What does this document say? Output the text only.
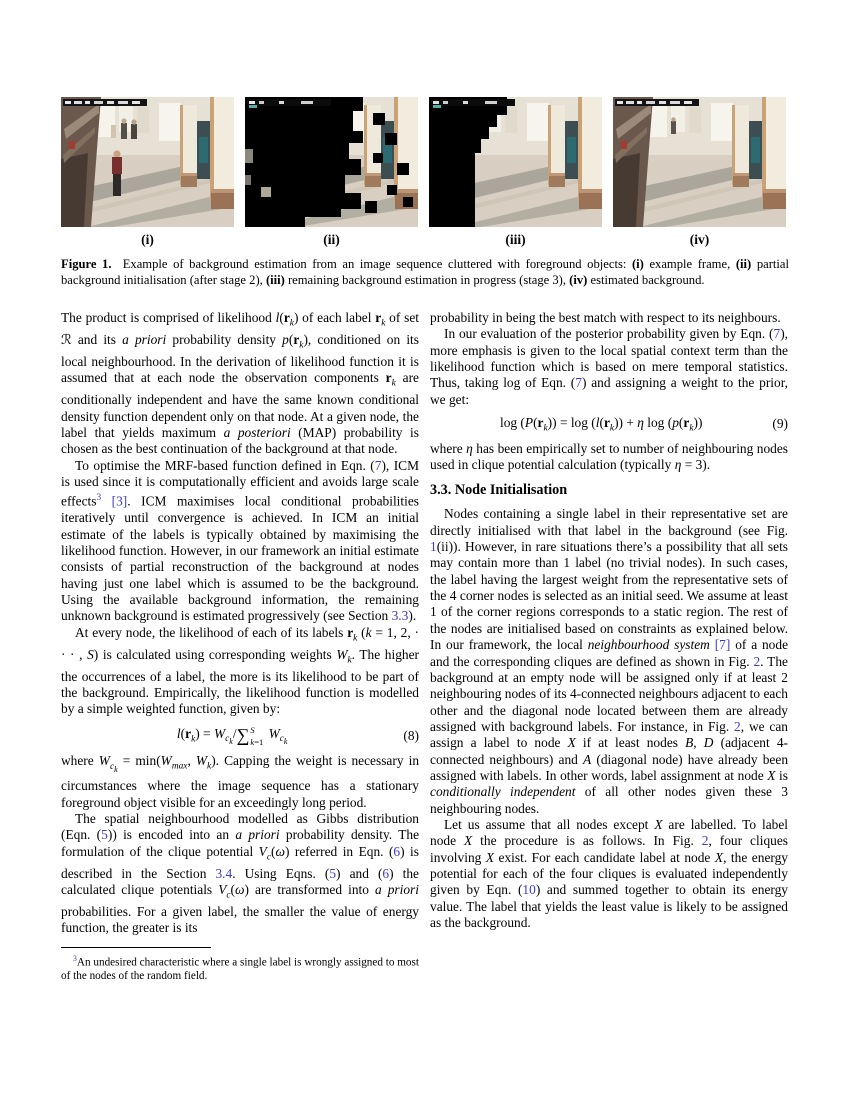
(i)	(ii)	(iii)	(iv)
Figure 1.  Example of background estimation from an image sequence cluttered with foreground objects: (i) example frame, (ii) partial background initialisation (after stage 2), (iii) remaining background estimation in progress (stage 3), (iv) estimated background.

The product is comprised of likelihood $l(r_k)$ of each label $r_k$ of set ℛ and its a priori probability density $p(r_k)$, conditioned on its local neighbourhood. In the derivation of likelihood function it is assumed that at each node the observation components $r_k$ are conditionally independent and have the same known conditional density function dependent only on that node. At a given node, the label that yields maximum a posteriori (MAP) probability is chosen as the best continuation of the background at that node.

To optimise the MRF-based function defined in Eqn. (7), ICM is used since it is computationally efficient and avoids large scale effects$^3$ [3]. ICM maximises local conditional probabilities iteratively until convergence is achieved. In ICM an initial estimate of the labels is typically obtained by maximising the likelihood function. However, in our framework an initial estimate consists of partial reconstruction of the background at nodes having just one label which is assumed to be the background. Using the available background information, the remaining unknown background is estimated progressively (see Section 3.3).

At every node, the likelihood of each of its labels $r_k$ (k = 1, 2, · · · , S) is calculated using corresponding weights $W_k$. The higher the occurrences of a label, the more is its likelihood to be part of the background. Empirically, the likelihood function is modelled by a simple weighted function, given by:

$l(r_k) = W_{c_k}/\sum$ S
k=1
$W_{c_k}$	(8)

where $W_{c_k} = \min(W_{max}$, $W_k$). Capping the weight is necessary in circumstances where the image sequence has a stationary foreground object visible for an exceedingly long period.

The spatial neighbourhood modelled as Gibbs distribution (Eqn. (5)) is encoded into an a priori probability density. The formulation of the clique potential $V_c(\omega)$ referred in Eqn. (6) is described in the Section 3.4. Using Eqns. (5) and (6) the calculated clique potentials $V_c(\omega)$ are transformed into a priori probabilities. For a given label, the smaller the value of energy function, the greater is its

$^3$An undesired characteristic where a single label is wrongly assigned to most of the nodes of the random field.

probability in being the best match with respect to its neighbours.

In our evaluation of the posterior probability given by Eqn. (7), more emphasis is given to the local spatial context term than the likelihood function which is based on mere temporal statistics. Thus, taking log of Eqn. (7) and assigning a weight to the prior, we get:

$\log (P(r_k)) = \log (l(r_k)) + \eta$ $\log (p(r_k))$	(9)

where η has been empirically set to number of neighbouring nodes used in clique potential calculation (typically η = 3).

3.3. Node Initialisation

Nodes containing a single label in their representative set are directly initialised with that label in the background (see Fig. 1(ii)). However, in rare situations there’s a possibility that all sets may contain more than 1 label (no trivial nodes). In such cases, the label having the largest weight from the representative sets of the 4 corner nodes is selected as an initial seed. We assume at least 1 of the corner regions corresponds to a static region. The rest of the nodes are initialised based on constraints as explained below. In our framework, the local neighbourhood system [7] of a node and the corresponding cliques are defined as shown in Fig. 2. The background at an empty node will be assigned only if at least 2 neighbouring nodes of its 4-connected neighbours adjacent to each other and the diagonal node located between them are already assigned with background labels. For instance, in Fig. 2, we can assign a label to node X if at least nodes B, D (adjacent 4-connected neighbours) and A (diagonal node) have already been assigned with labels. In other words, label assignment at node X is conditionally independent of all other nodes given these 3 neighbouring nodes.

Let us assume that all nodes except X are labelled. To label node X the procedure is as follows. In Fig. 2, four cliques involving X exist. For each candidate label at node X, the energy potential for each of the four cliques is evaluated independently given by Eqn. (10) and summed together to obtain its energy value. The label that yields the least value is likely to be assigned as the background.
